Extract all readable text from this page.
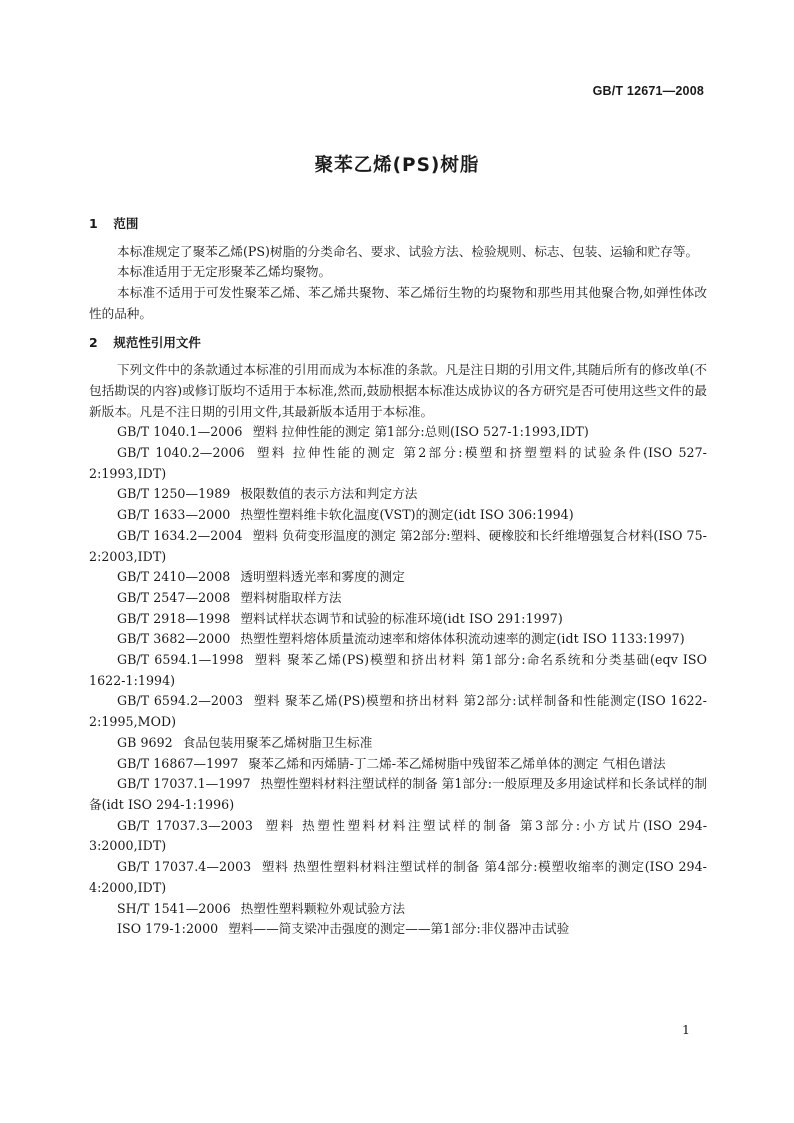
GB/T 12671—2008
聚苯乙烯(PS)树脂
1 范围

本标准规定了聚苯乙烯(PS)树脂的分类命名、要求、试验方法、检验规则、标志、包装、运输和贮存等。

本标准适用于无定形聚苯乙烯均聚物。

本标准不适用于可发性聚苯乙烯、苯乙烯共聚物、苯乙烯衍生物的均聚物和那些用其他聚合物,如弹性体改性的品种。

2 规范性引用文件

下列文件中的条款通过本标准的引用而成为本标准的条款。凡是注日期的引用文件,其随后所有的修改单(不包括勘误的内容)或修订版均不适用于本标准,然而,鼓励根据本标准达成协议的各方研究是否可使用这些文件的最新版本。凡是不注日期的引用文件,其最新版本适用于本标准。

GB/T 1040.1—2006 塑料 拉伸性能的测定 第1部分:总则(ISO 527-1:1993,IDT)

GB/T 1040.2—2006 塑料 拉伸性能的测定 第2部分:模塑和挤塑塑料的试验条件(ISO 527-2:1993,IDT)

GB/T 1250—1989 极限数值的表示方法和判定方法

GB/T 1633—2000 热塑性塑料维卡软化温度(VST)的测定(idt ISO 306:1994)

GB/T 1634.2—2004 塑料 负荷变形温度的测定 第2部分:塑料、硬橡胶和长纤维增强复合材料(ISO 75-2:2003,IDT)

GB/T 2410—2008 透明塑料透光率和雾度的测定

GB/T 2547—2008 塑料树脂取样方法

GB/T 2918—1998 塑料试样状态调节和试验的标准环境(idt ISO 291:1997)

GB/T 3682—2000 热塑性塑料熔体质量流动速率和熔体体积流动速率的测定(idt ISO 1133:1997)

GB/T 6594.1—1998 塑料 聚苯乙烯(PS)模塑和挤出材料 第1部分:命名系统和分类基础(eqv ISO 1622-1:1994)

GB/T 6594.2—2003 塑料 聚苯乙烯(PS)模塑和挤出材料 第2部分:试样制备和性能测定(ISO 1622-2:1995,MOD)

GB 9692 食品包装用聚苯乙烯树脂卫生标准

GB/T 16867—1997 聚苯乙烯和丙烯腈-丁二烯-苯乙烯树脂中残留苯乙烯单体的测定 气相色谱法

GB/T 17037.1—1997 热塑性塑料材料注塑试样的制备 第1部分:一般原理及多用途试样和长条试样的制备(idt ISO 294-1:1996)

GB/T 17037.3—2003 塑料 热塑性塑料材料注塑试样的制备 第3部分:小方试片(ISO 294-3:2000,IDT)

GB/T 17037.4—2003 塑料 热塑性塑料材料注塑试样的制备 第4部分:模塑收缩率的测定(ISO 294-4:2000,IDT)

SH/T 1541—2006 热塑性塑料颗粒外观试验方法

ISO 179-1:2000 塑料——简支梁冲击强度的测定——第1部分:非仪器冲击试验

1
